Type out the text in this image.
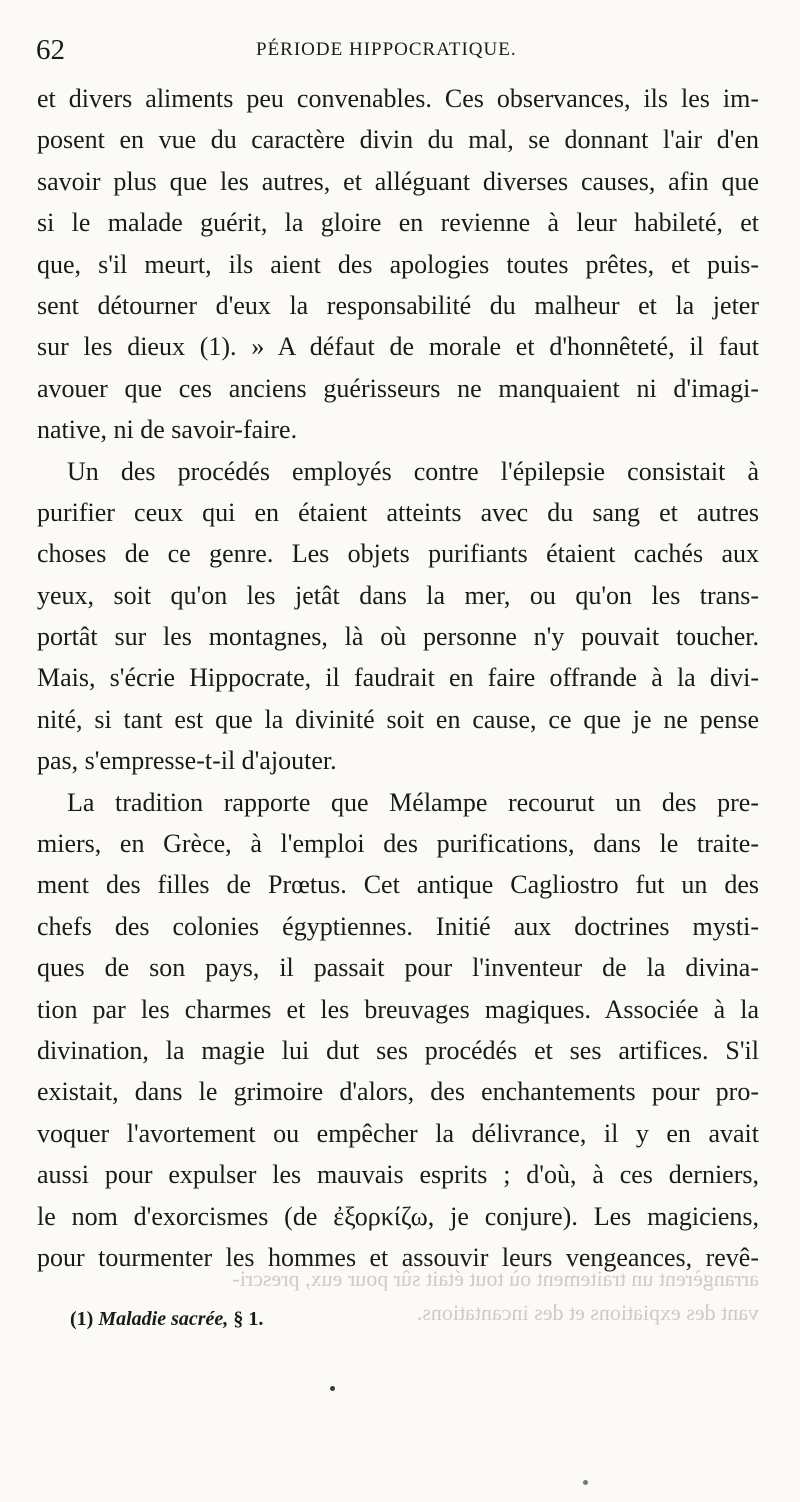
62	PÉRIODE HIPPOCRATIQUE.
et divers aliments peu convenables. Ces observances, ils les im-
posent en vue du caractère divin du mal, se donnant l'air d'en
savoir plus que les autres, et alléguant diverses causes, afin que
si le malade guérit, la gloire en revienne à leur habileté, et
que, s'il meurt, ils aient des apologies toutes prêtes, et puis-
sent détourner d'eux la responsabilité du malheur et la jeter
sur les dieux (1). » A défaut de morale et d'honnêteté, il faut
avouer que ces anciens guérisseurs ne manquaient ni d'imagi-
native, ni de savoir-faire.
Un des procédés employés contre l'épilepsie consistait à
purifier ceux qui en étaient atteints avec du sang et autres
choses de ce genre. Les objets purifiants étaient cachés aux
yeux, soit qu'on les jetât dans la mer, ou qu'on les trans-
portât sur les montagnes, là où personne n'y pouvait toucher.
Mais, s'écrie Hippocrate, il faudrait en faire offrande à la divi-
nité, si tant est que la divinité soit en cause, ce que je ne pense
pas, s'empresse-t-il d'ajouter.
La tradition rapporte que Mélampe recourut un des pre-
miers, en Grèce, à l'emploi des purifications, dans le traite-
ment des filles de Prœtus. Cet antique Cagliostro fut un des
chefs des colonies égyptiennes. Initié aux doctrines mysti-
ques de son pays, il passait pour l'inventeur de la divina-
tion par les charmes et les breuvages magiques. Associée à la
divination, la magie lui dut ses procédés et ses artifices. S'il
existait, dans le grimoire d'alors, des enchantements pour pro-
voquer l'avortement ou empêcher la délivrance, il y en avait
aussi pour expulser les mauvais esprits ; d'où, à ces derniers,
le nom d'exorcismes (de ἐξορκίζω, je conjure). Les magiciens,
pour tourmenter les hommes et assouvir leurs vengeances, revê-
arrangèrent un traitement où tout était sûr pour eux, prescri-
vant des expiations et des incantations.
(1) Maladie sacrée, § 1.
